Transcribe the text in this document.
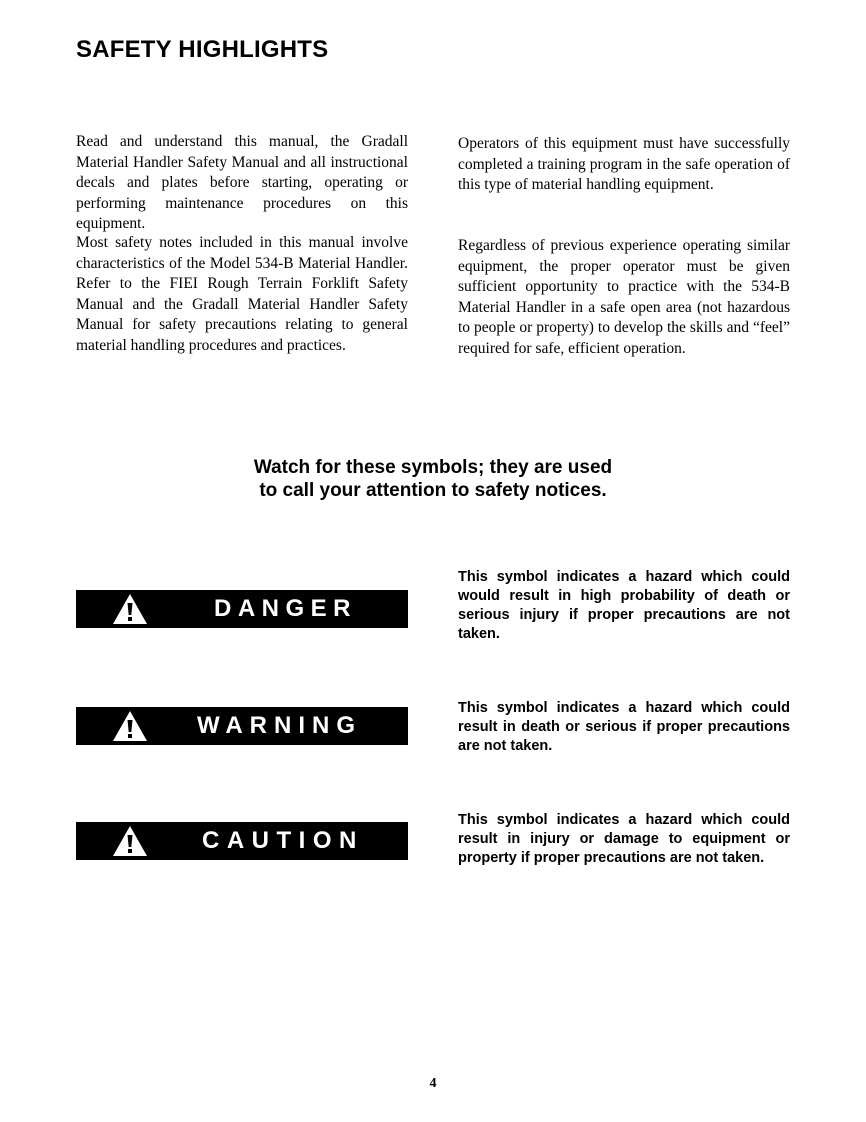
SAFETY HIGHLIGHTS

Read and understand this manual, the Gradall Material Handler Safety Manual and all instructional decals and plates before starting, operating or performing maintenance procedures on this equipment.

Most safety notes included in this manual involve characteristics of the Model 534-B Material Handler. Refer to the FIEI Rough Terrain Forklift Safety Manual and the Gradall Material Handler Safety Manual for safety precautions relating to general material handling procedures and practices.

Operators of this equipment must have successfully completed a training program in the safe operation of this type of material handling equipment.

Regardless of previous experience operating similar equipment, the proper operator must be given sufficient opportunity to practice with the 534-B Material Handler in a safe open area (not hazardous to people or property) to develop the skills and “feel” required for safe, efficient operation.

Watch for these symbols; they are used
to call your attention to safety notices.
DANGER

This symbol indicates a hazard which could would result in high probability of death or serious injury if proper precautions are not taken.

WARNING

This symbol indicates a hazard which could result in death or serious if proper precautions are not taken.

CAUTION

This symbol indicates a hazard which could result in injury or damage to equipment or property if proper precautions are not taken.

4
